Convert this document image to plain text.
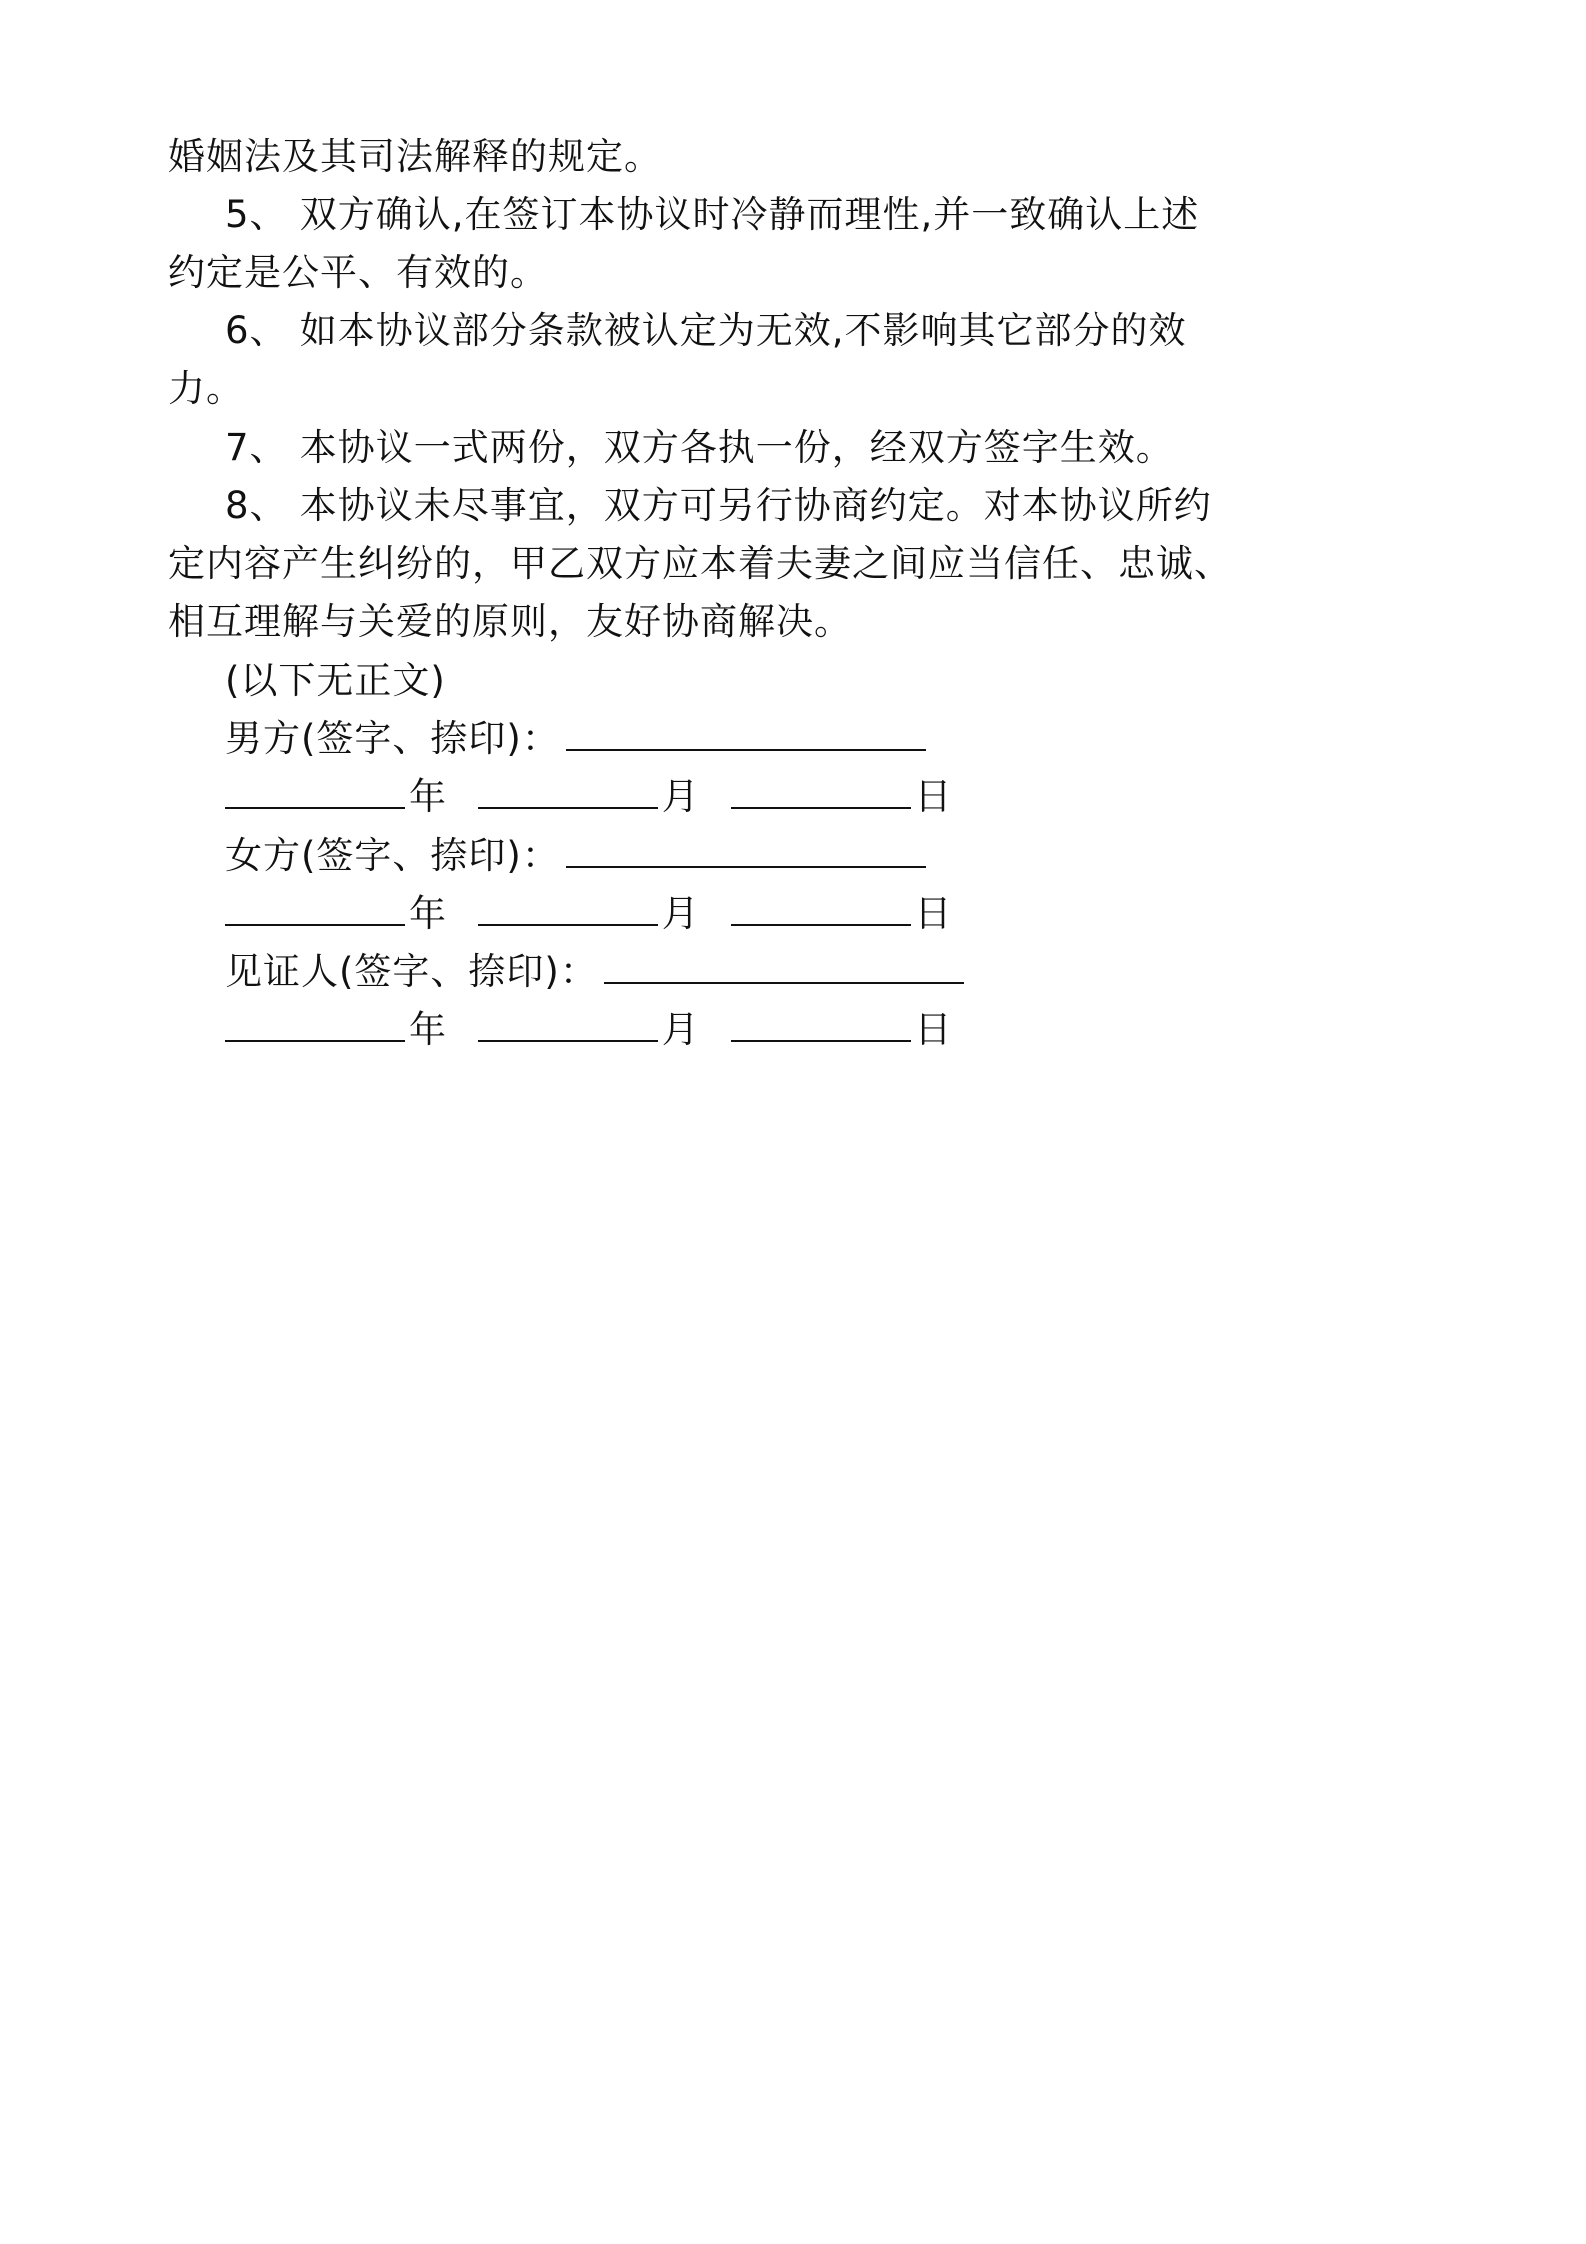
婚姻法及其司法解释的规定。
5、 双方确认,在签订本协议时冷静而理性,并一致确认上述
约定是公平、有效的。
6、 如本协议部分条款被认定为无效,不影响其它部分的效
力。
7、 本协议一式两份，双方各执一份，经双方签字生效。
8、 本协议未尽事宜，双方可另行协商约定。对本协议所约
定内容产生纠纷的，甲乙双方应本着夫妻之间应当信任、忠诚、
相互理解与关爱的原则，友好协商解决。
(以下无正文)
男方(签字、捺印)：
年	月	日
女方(签字、捺印)：
年	月	日
见证人(签字、捺印)：
年	月	日
